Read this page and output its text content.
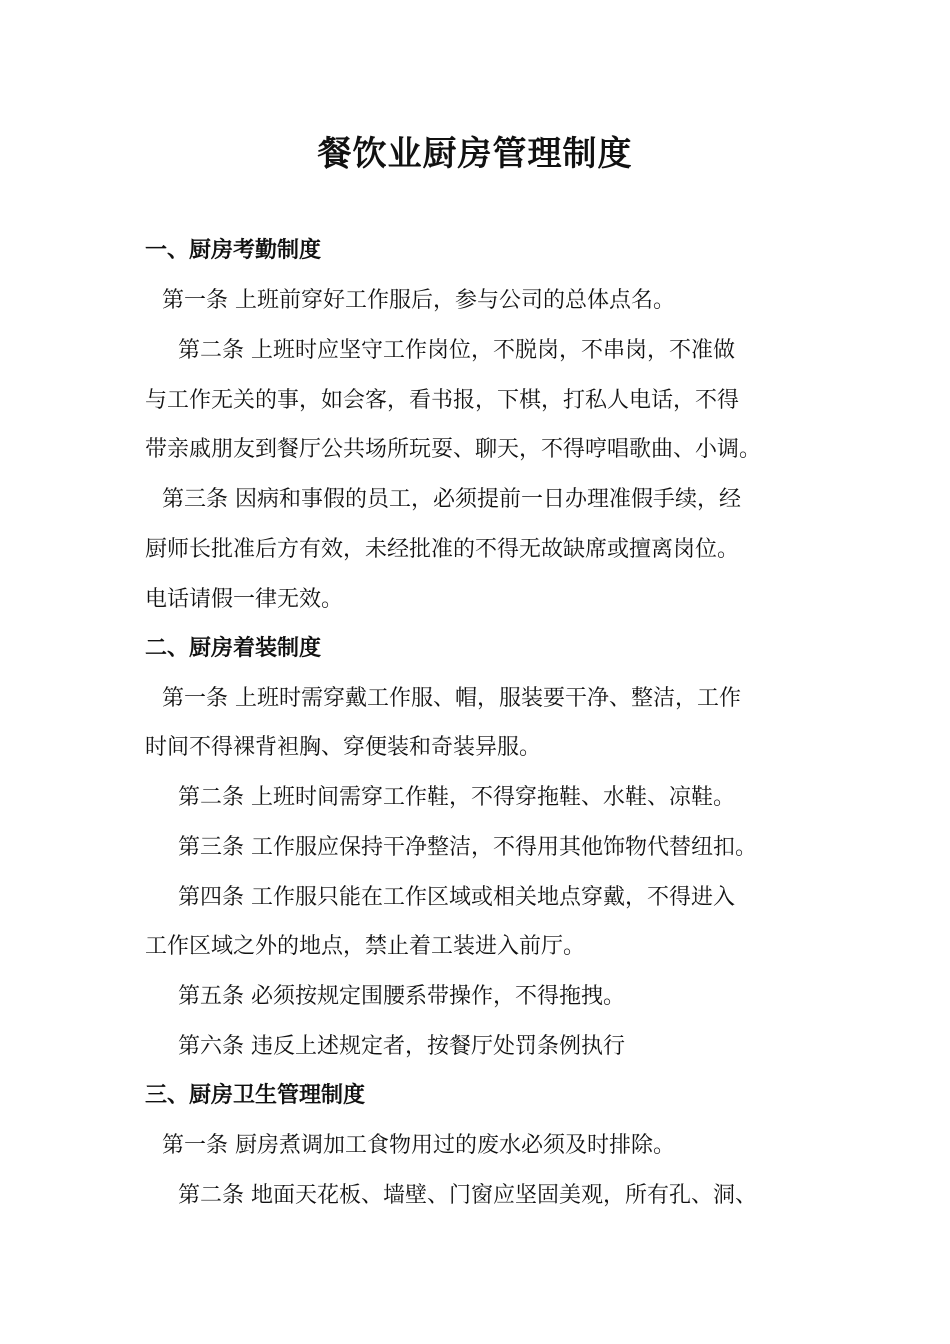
餐饮业厨房管理制度
一、厨房考勤制度
第一条 上班前穿好工作服后，参与公司的总体点名。
第二条 上班时应坚守工作岗位，不脱岗，不串岗，不准做
与工作无关的事，如会客，看书报，下棋，打私人电话，不得
带亲戚朋友到餐厅公共场所玩耍、聊天，不得哼唱歌曲、小调。
第三条 因病和事假的员工，必须提前一日办理准假手续，经
厨师长批准后方有效，未经批准的不得无故缺席或擅离岗位。
电话请假一律无效。
二、厨房着装制度
第一条 上班时需穿戴工作服、帽，服装要干净、整洁，工作
时间不得裸背袒胸、穿便装和奇装异服。
第二条 上班时间需穿工作鞋，不得穿拖鞋、水鞋、凉鞋。
第三条 工作服应保持干净整洁，不得用其他饰物代替纽扣。
第四条 工作服只能在工作区域或相关地点穿戴，不得进入
工作区域之外的地点，禁止着工装进入前厅。
第五条 必须按规定围腰系带操作，不得拖拽。
第六条 违反上述规定者，按餐厅处罚条例执行
三、厨房卫生管理制度
第一条 厨房煮调加工食物用过的废水必须及时排除。
第二条 地面天花板、墙壁、门窗应坚固美观，所有孔、洞、
